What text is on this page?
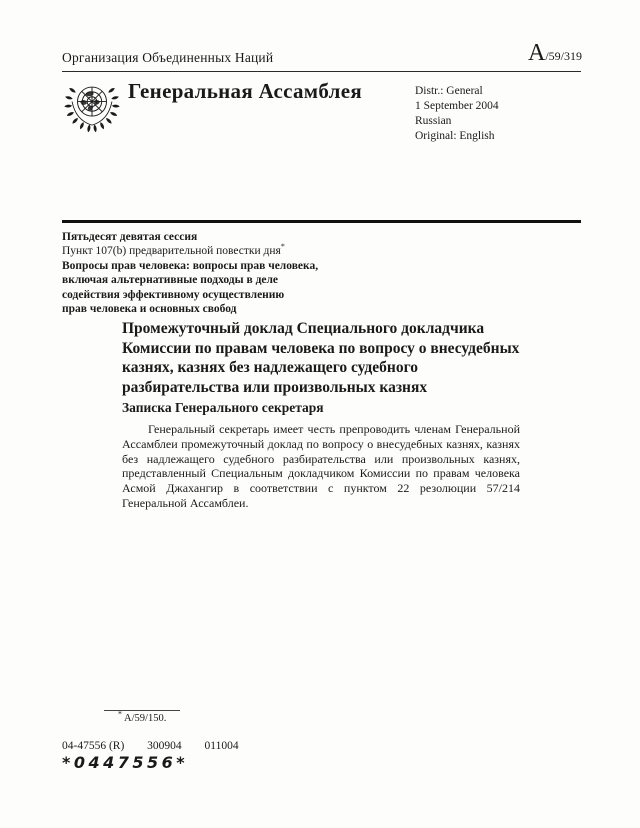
Организация Объединенных Наций	A/59/319
Генеральная Ассамблея	Distr.: General
1 September 2004
Russian
Original: English
Пятьдесят девятая сессия
Пункт 107(b) предварительной повестки дня*
Вопросы прав человека: вопросы прав человека,
включая альтернативные подходы в деле
содействия эффективному осуществлению
прав человека и основных свобод
Промежуточный доклад Специального докладчика Комиссии по правам человека по вопросу о внесудебных казнях, казнях без надлежащего судебного разбирательства или произвольных казнях
Записка Генерального секретаря
Генеральный секретарь имеет честь препроводить членам Генеральной Ассамблеи промежуточный доклад по вопросу о внесудебных казнях, казнях без надлежащего судебного разбирательства или произвольных казнях, представленный Специальным докладчиком Комиссии по правам человека Асмой Джахангир в соответствии с пунктом 22 резолюции 57/214 Генеральной Ассамблеи.
* A/59/150.
04-47556 (R) 300904 011004
*0447556*
